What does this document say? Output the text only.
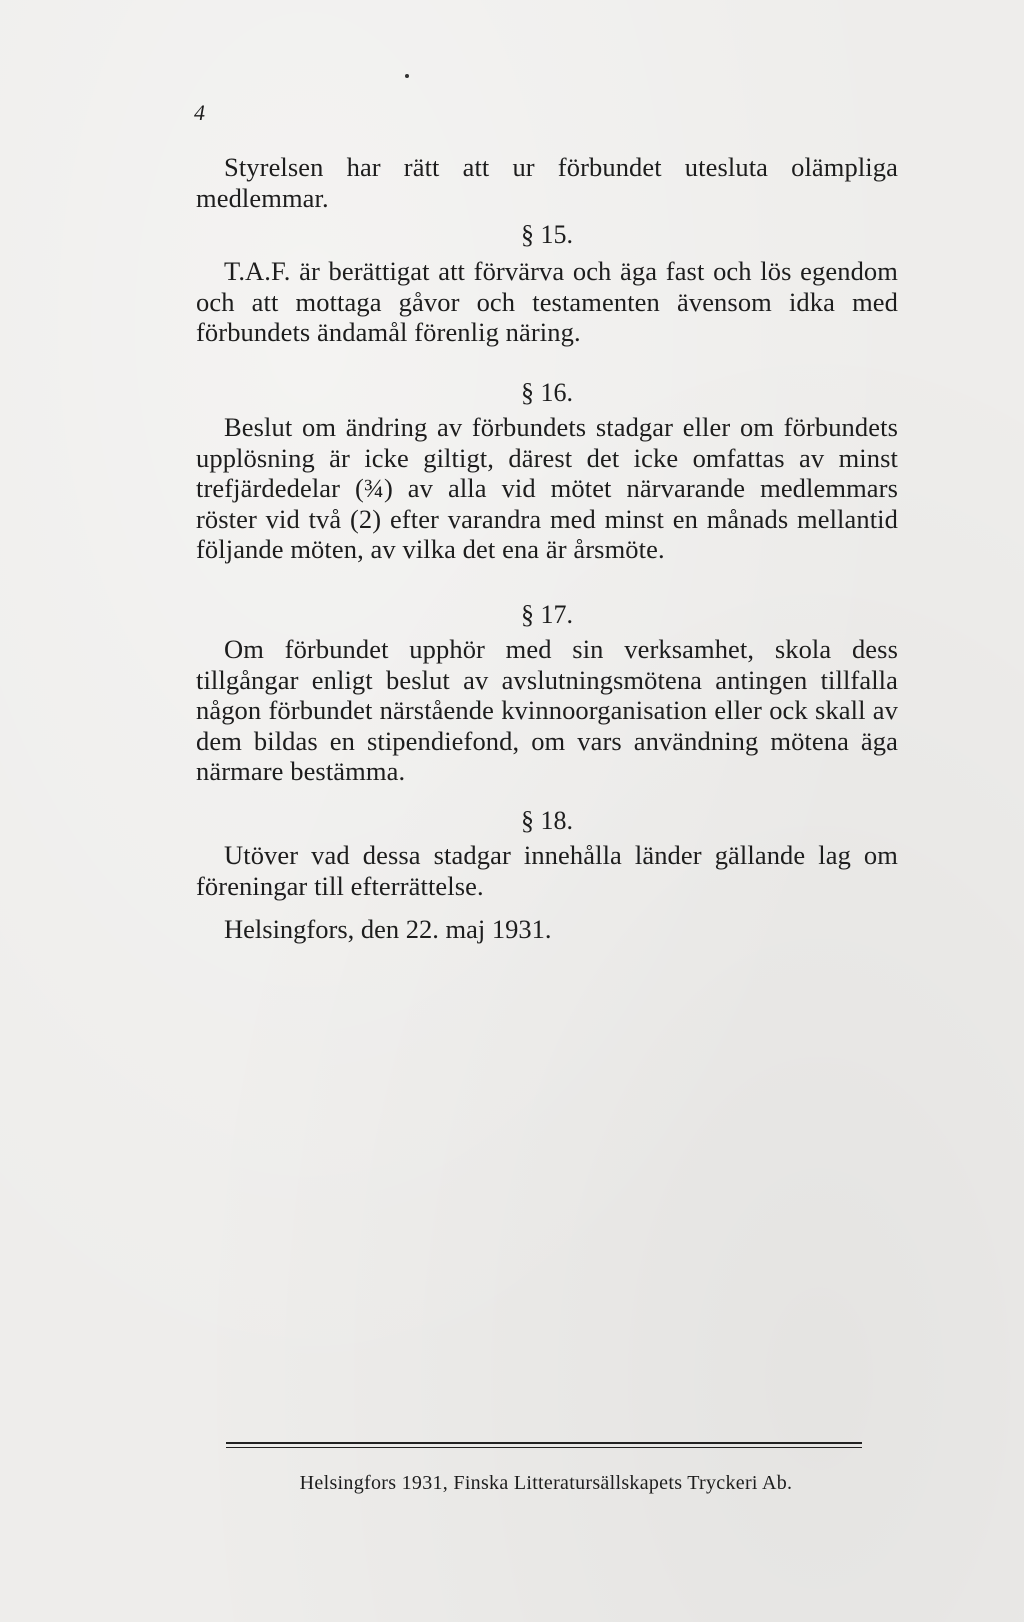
4
Styrelsen har rätt att ur förbundet utesluta olämpliga medlemmar.
§ 15.
T.A.F. är berättigat att förvärva och äga fast och lös egendom och att mottaga gåvor och testamenten ävensom idka med förbundets ändamål förenlig näring.
§ 16.
Beslut om ändring av förbundets stadgar eller om förbundets upplösning är icke giltigt, därest det icke omfattas av minst trefjärdedelar (¾) av alla vid mötet närvarande medlemmars röster vid två (2) efter varandra med minst en månads mellantid följande möten, av vilka det ena är årsmöte.
§ 17.
Om förbundet upphör med sin verksamhet, skola dess tillgångar enligt beslut av avslutningsmötena antingen tillfalla någon förbundet närstående kvinnoorganisation eller ock skall av dem bildas en stipendiefond, om vars användning mötena äga närmare bestämma.
§ 18.
Utöver vad dessa stadgar innehålla länder gällande lag om föreningar till efterrättelse.
Helsingfors, den 22. maj 1931.
Helsingfors 1931, Finska Litteratursällskapets Tryckeri Ab.
